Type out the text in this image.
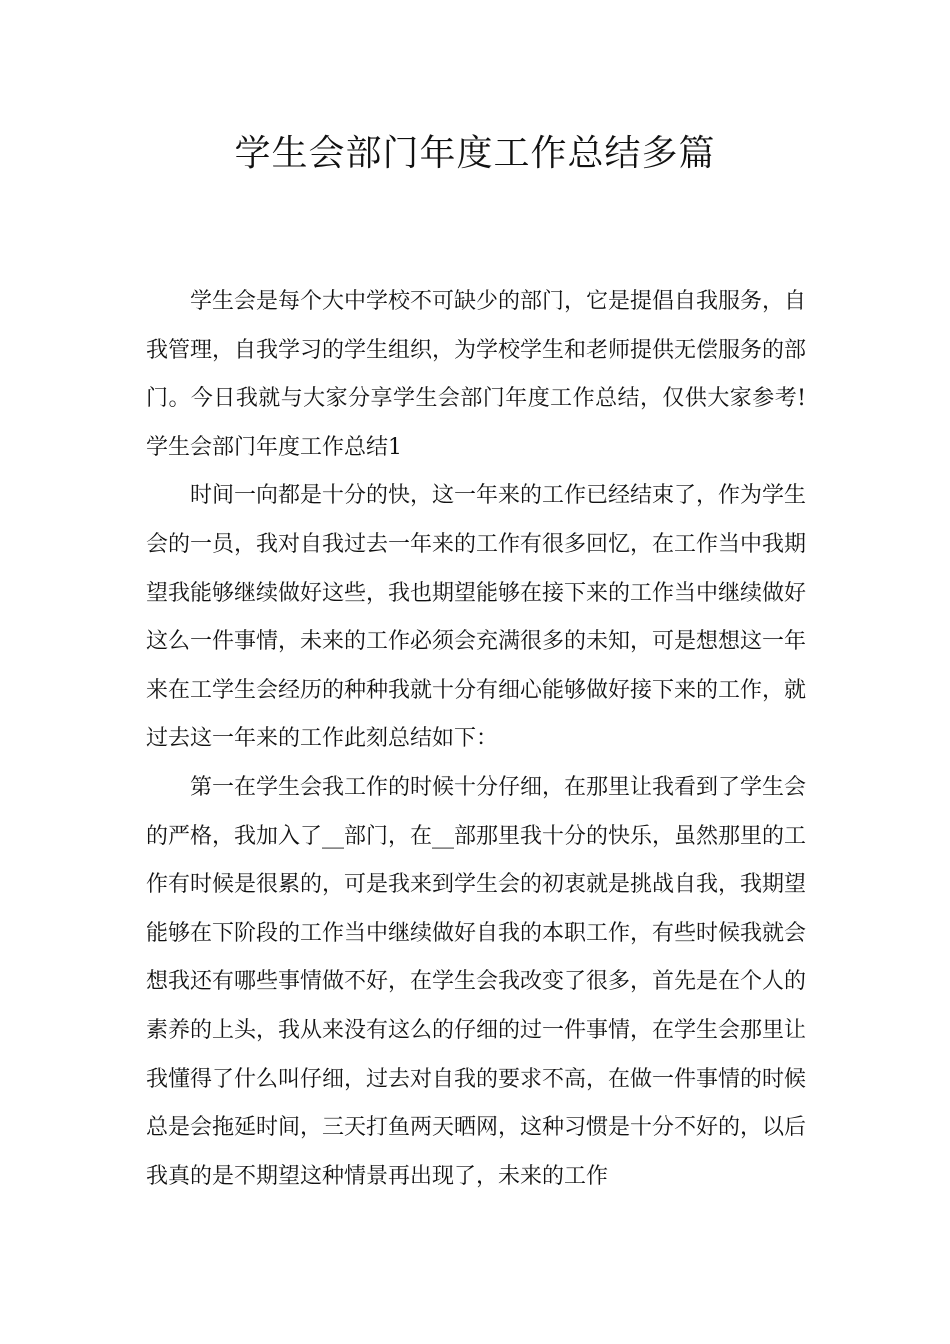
学生会部门年度工作总结多篇

学生会是每个大中学校不可缺少的部门，它是提倡自我服务，自我管理，自我学习的学生组织，为学校学生和老师提供无偿服务的部门。今日我就与大家分享学生会部门年度工作总结，仅供大家参考!学生会部门年度工作总结1

时间一向都是十分的快，这一年来的工作已经结束了，作为学生会的一员，我对自我过去一年来的工作有很多回忆，在工作当中我期望我能够继续做好这些，我也期望能够在接下来的工作当中继续做好这么一件事情，未来的工作必须会充满很多的未知，可是想想这一年来在工学生会经历的种种我就十分有细心能够做好接下来的工作，就过去这一年来的工作此刻总结如下：

第一在学生会我工作的时候十分仔细，在那里让我看到了学生会的严格，我加入了__部门，在__部那里我十分的快乐，虽然那里的工作有时候是很累的，可是我来到学生会的初衷就是挑战自我，我期望能够在下阶段的工作当中继续做好自我的本职工作，有些时候我就会想我还有哪些事情做不好，在学生会我改变了很多，首先是在个人的素养的上头，我从来没有这么的仔细的过一件事情，在学生会那里让我懂得了什么叫仔细，过去对自我的要求不高，在做一件事情的时候总是会拖延时间，三天打鱼两天晒网，这种习惯是十分不好的，以后我真的是不期望这种情景再出现了，未来的工作
